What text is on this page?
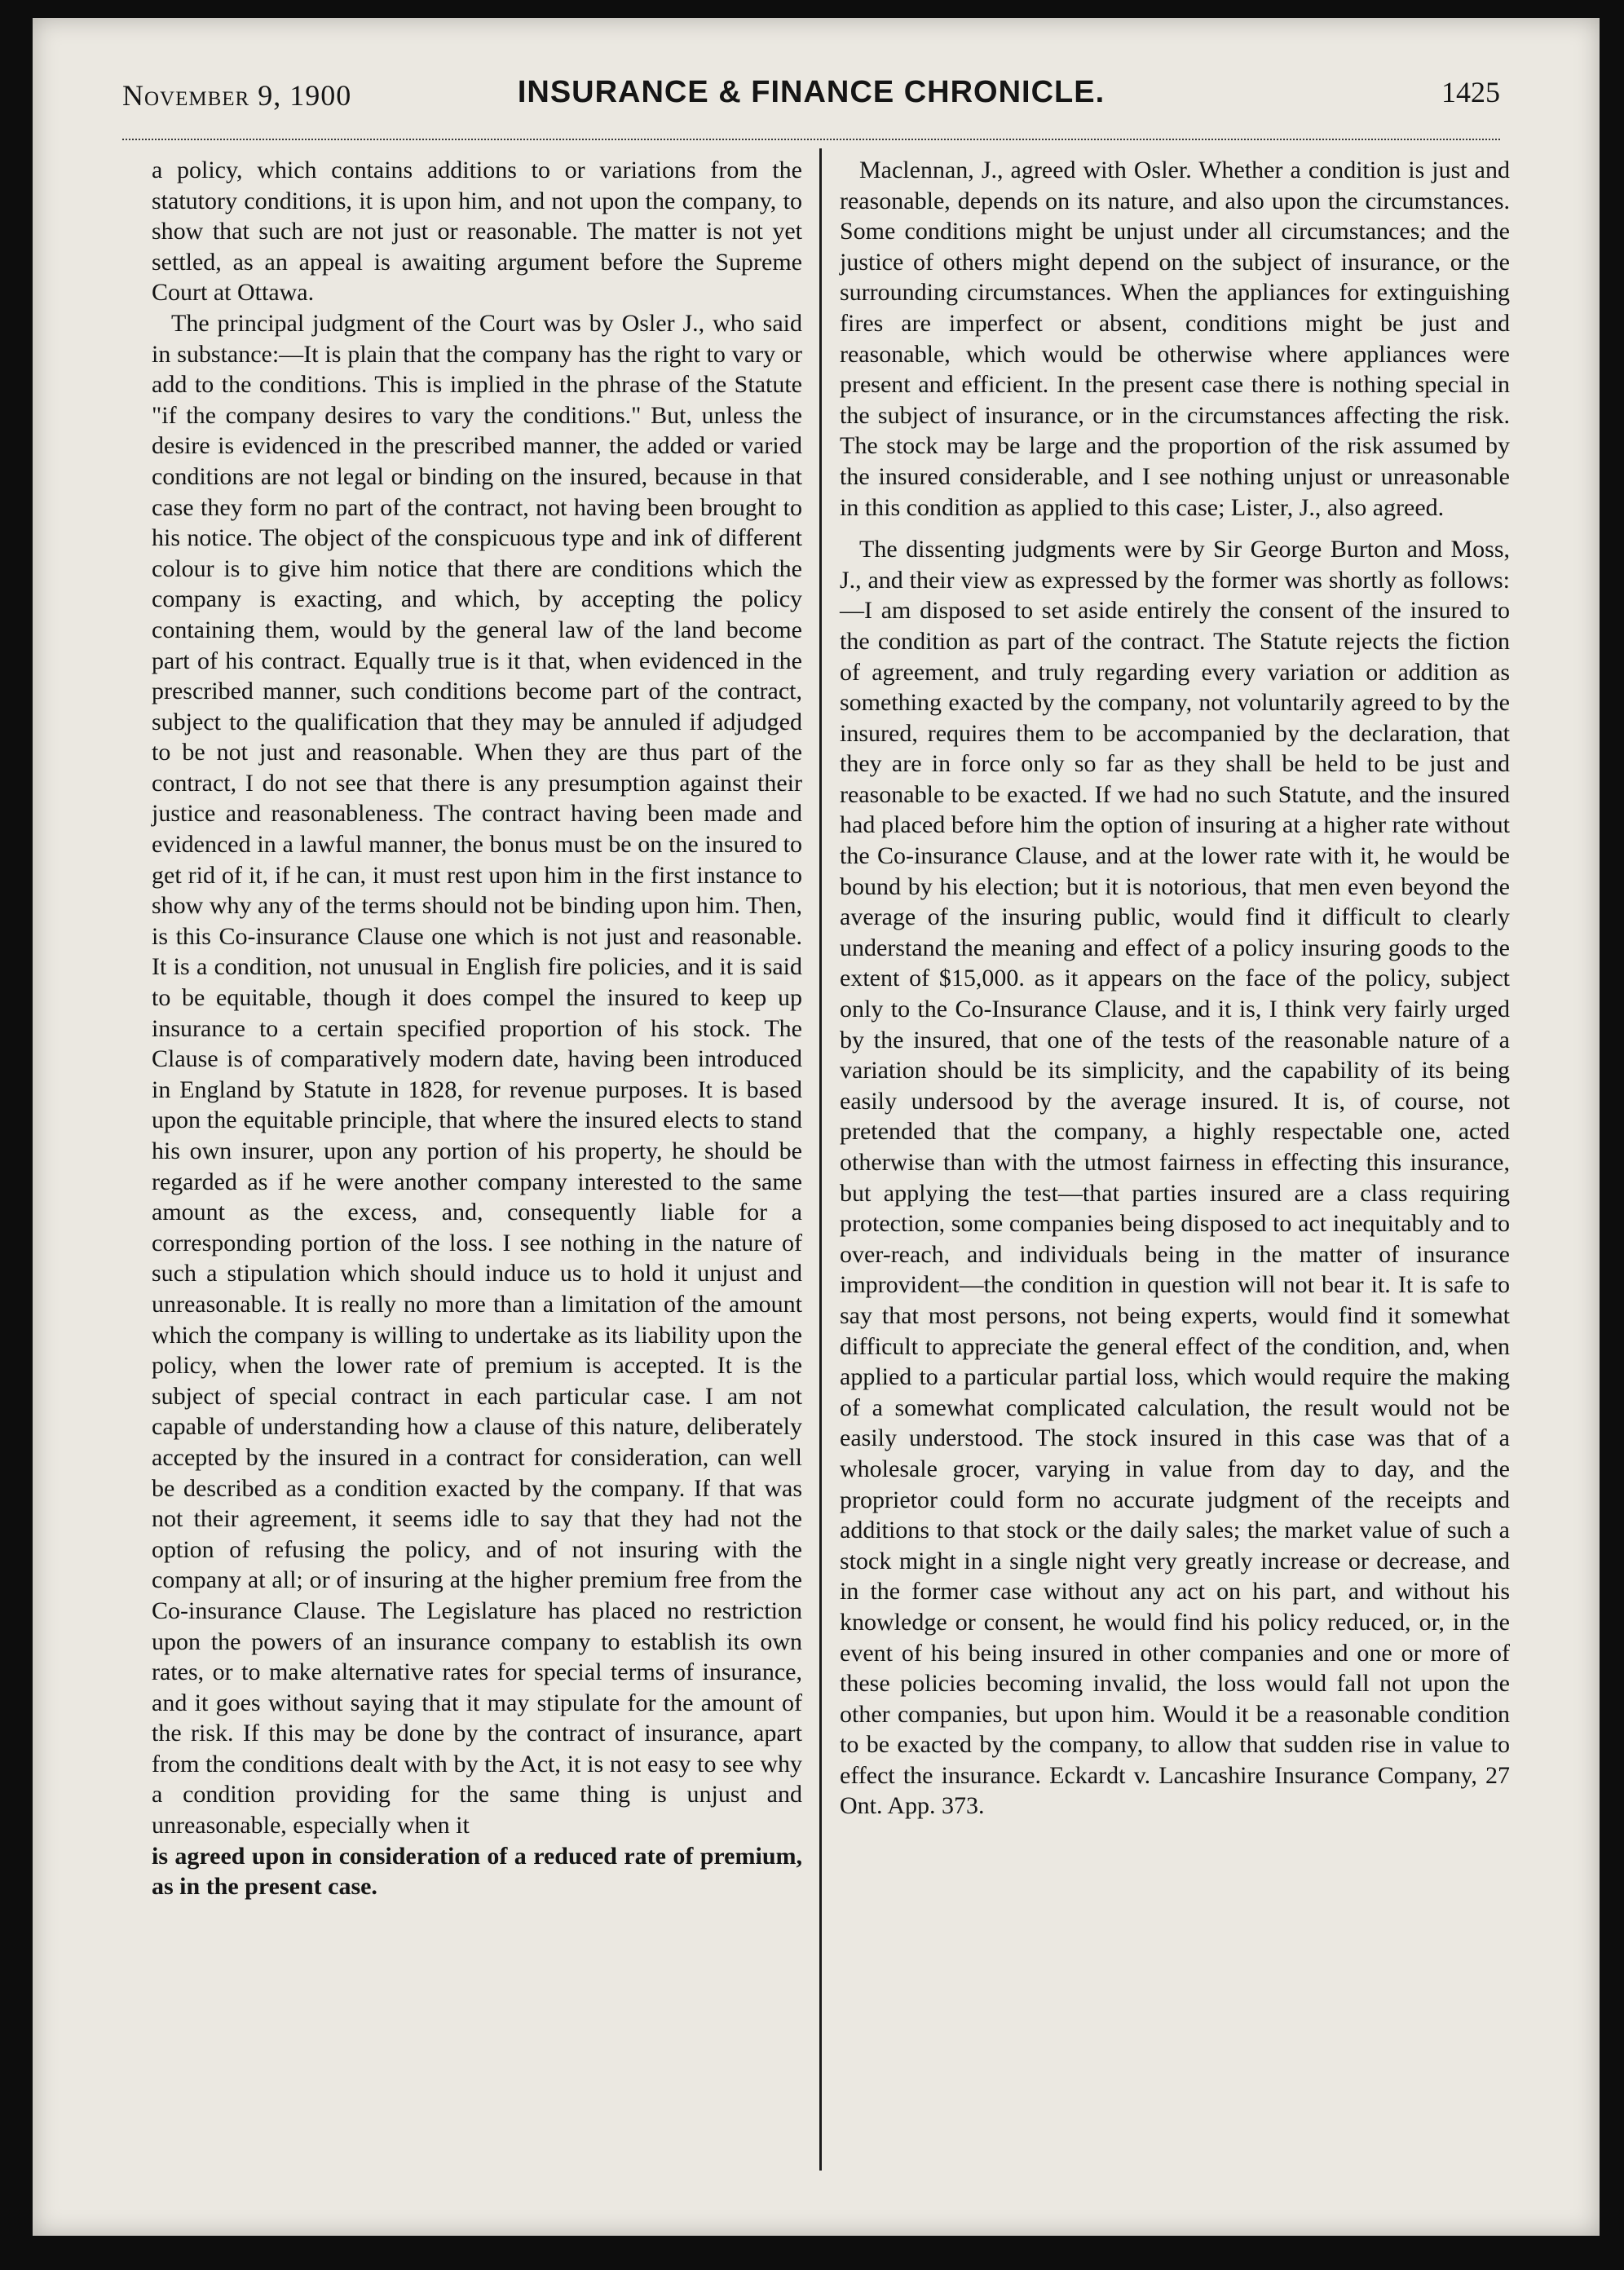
November 9, 1900	INSURANCE & FINANCE CHRONICLE.	1425

a policy, which contains additions to or variations from the statutory conditions, it is upon him, and not upon the company, to show that such are not just or reasonable. The matter is not yet settled, as an appeal is awaiting argument before the Supreme Court at Ottawa.

The principal judgment of the Court was by Osler J., who said in substance:—It is plain that the company has the right to vary or add to the conditions. This is implied in the phrase of the Statute "if the company desires to vary the conditions." But, unless the desire is evidenced in the prescribed manner, the added or varied conditions are not legal or binding on the insured, because in that case they form no part of the contract, not having been brought to his notice. The object of the conspicuous type and ink of different colour is to give him notice that there are conditions which the company is exacting, and which, by accepting the policy containing them, would by the general law of the land become part of his contract. Equally true is it that, when evidenced in the prescribed manner, such conditions become part of the contract, subject to the qualification that they may be annuled if adjudged to be not just and reasonable. When they are thus part of the contract, I do not see that there is any presumption against their justice and reasonableness. The contract having been made and evidenced in a lawful manner, the bonus must be on the insured to get rid of it, if he can, it must rest upon him in the first instance to show why any of the terms should not be binding upon him. Then, is this Co-insurance Clause one which is not just and reasonable. It is a condition, not unusual in English fire policies, and it is said to be equitable, though it does compel the insured to keep up insurance to a certain specified proportion of his stock. The Clause is of comparatively modern date, having been introduced in England by Statute in 1828, for revenue purposes. It is based upon the equitable principle, that where the insured elects to stand his own insurer, upon any portion of his property, he should be regarded as if he were another company interested to the same amount as the excess, and, consequently liable for a corresponding portion of the loss. I see nothing in the nature of such a stipulation which should induce us to hold it unjust and unreasonable. It is really no more than a limitation of the amount which the company is willing to undertake as its liability upon the policy, when the lower rate of premium is accepted. It is the subject of special contract in each particular case. I am not capable of understanding how a clause of this nature, deliberately accepted by the insured in a contract for consideration, can well be described as a condition exacted by the company. If that was not their agreement, it seems idle to say that they had not the option of refusing the policy, and of not insuring with the company at all; or of insuring at the higher premium free from the Co-insurance Clause. The Legislature has placed no restriction upon the powers of an insurance company to establish its own rates, or to make alternative rates for special terms of insurance, and it goes without saying that it may stipulate for the amount of the risk. If this may be done by the contract of insurance, apart from the conditions dealt with by the Act, it is not easy to see why a condition providing for the same thing is unjust and unreasonable, especially when it

is agreed upon in consideration of a reduced rate of premium, as in the present case.

Maclennan, J., agreed with Osler. Whether a condition is just and reasonable, depends on its nature, and also upon the circumstances. Some conditions might be unjust under all circumstances; and the justice of others might depend on the subject of insurance, or the surrounding circumstances. When the appliances for extinguishing fires are imperfect or absent, conditions might be just and reasonable, which would be otherwise where appliances were present and efficient. In the present case there is nothing special in the subject of insurance, or in the circumstances affecting the risk. The stock may be large and the proportion of the risk assumed by the insured considerable, and I see nothing unjust or unreasonable in this condition as applied to this case; Lister, J., also agreed.

The dissenting judgments were by Sir George Burton and Moss, J., and their view as expressed by the former was shortly as follows:—I am disposed to set aside entirely the consent of the insured to the condition as part of the contract. The Statute rejects the fiction of agreement, and truly regarding every variation or addition as something exacted by the company, not voluntarily agreed to by the insured, requires them to be accompanied by the declaration, that they are in force only so far as they shall be held to be just and reasonable to be exacted. If we had no such Statute, and the insured had placed before him the option of insuring at a higher rate without the Co-insurance Clause, and at the lower rate with it, he would be bound by his election; but it is notorious, that men even beyond the average of the insuring public, would find it difficult to clearly understand the meaning and effect of a policy insuring goods to the extent of $15,000. as it appears on the face of the policy, subject only to the Co-Insurance Clause, and it is, I think very fairly urged by the insured, that one of the tests of the reasonable nature of a variation should be its simplicity, and the capability of its being easily undersood by the average insured. It is, of course, not pretended that the company, a highly respectable one, acted otherwise than with the utmost fairness in effecting this insurance, but applying the test—that parties insured are a class requiring protection, some companies being disposed to act inequitably and to over-reach, and individuals being in the matter of insurance improvident—the condition in question will not bear it. It is safe to say that most persons, not being experts, would find it somewhat difficult to appreciate the general effect of the condition, and, when applied to a particular partial loss, which would require the making of a somewhat complicated calculation, the result would not be easily understood. The stock insured in this case was that of a wholesale grocer, varying in value from day to day, and the proprietor could form no accurate judgment of the receipts and additions to that stock or the daily sales; the market value of such a stock might in a single night very greatly increase or decrease, and in the former case without any act on his part, and without his knowledge or consent, he would find his policy reduced, or, in the event of his being insured in other companies and one or more of these policies becoming invalid, the loss would fall not upon the other companies, but upon him. Would it be a reasonable condition to be exacted by the company, to allow that sudden rise in value to effect the insurance. Eckardt v. Lancashire Insurance Company, 27 Ont. App. 373.
